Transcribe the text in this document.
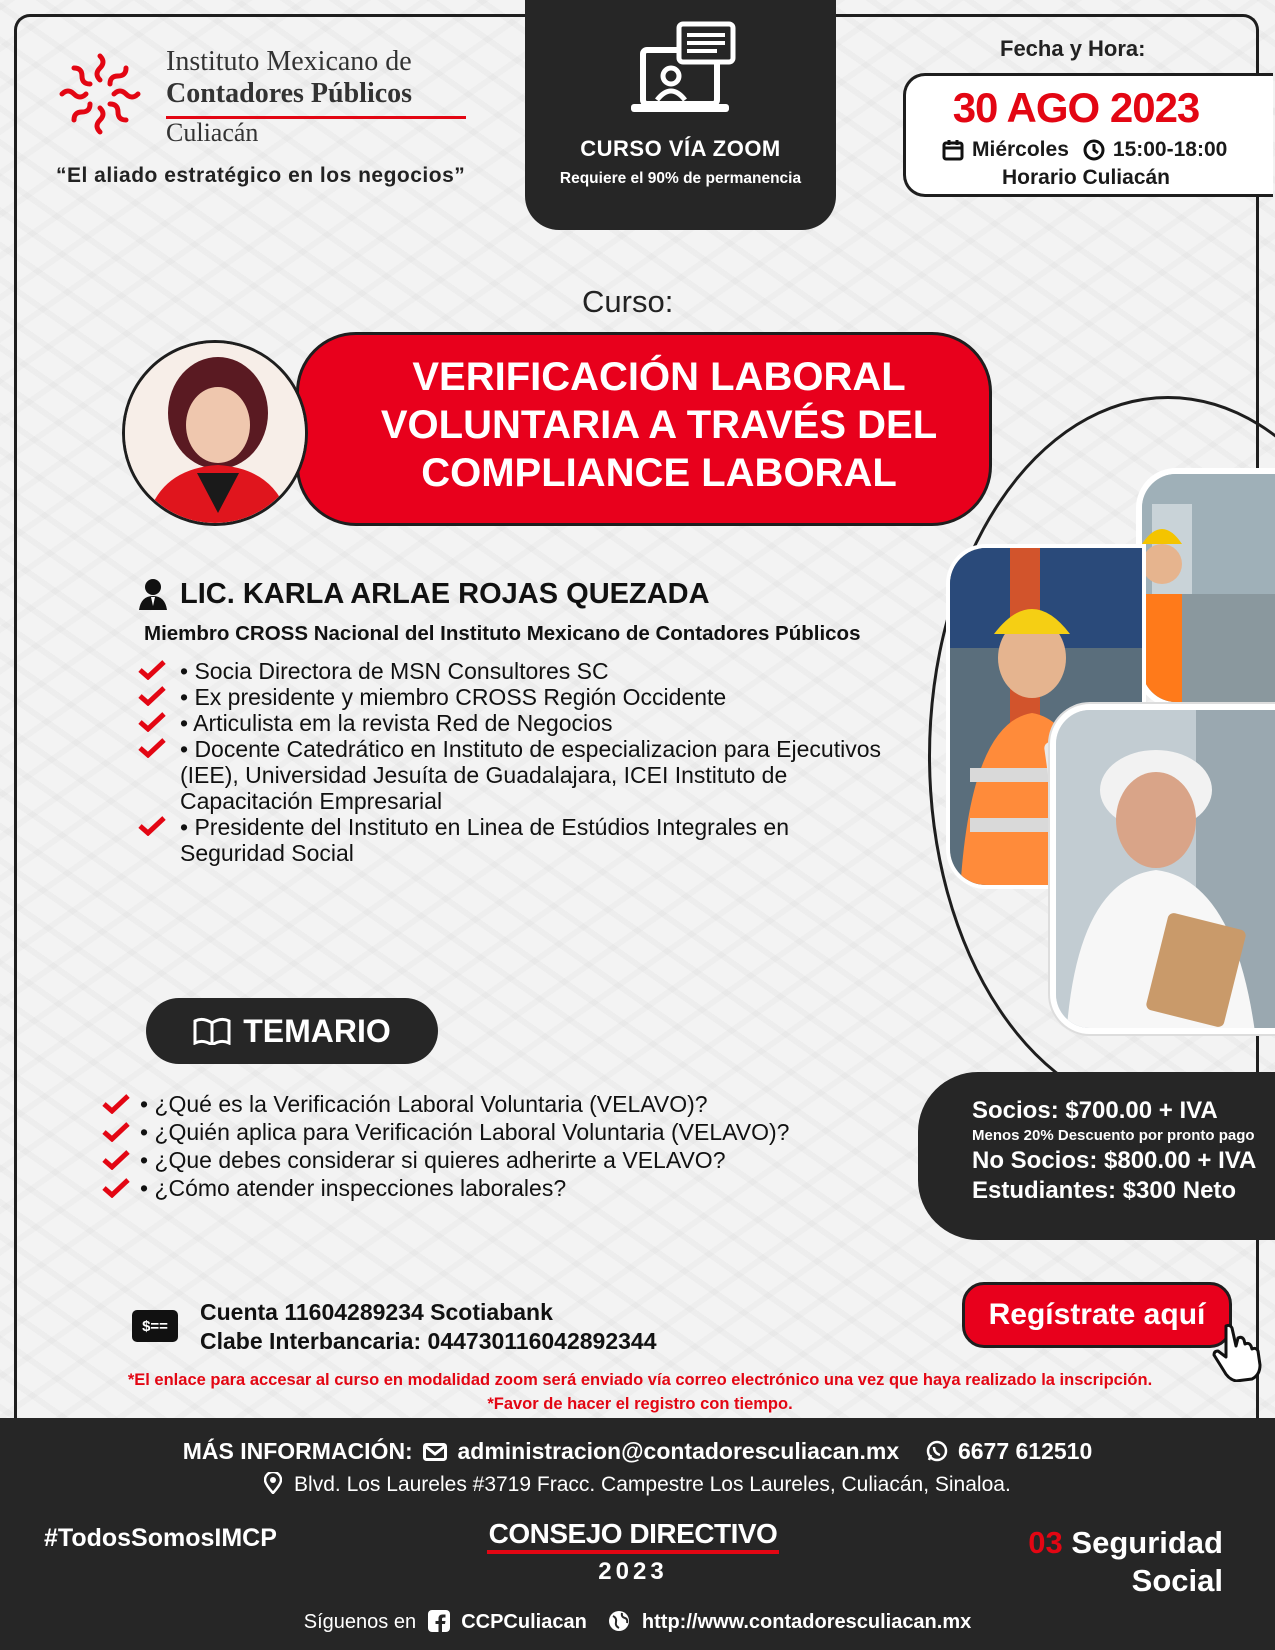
Instituto Mexicano de
Contadores Públicos
Culiacán
“El aliado estratégico en los negocios”
CURSO VÍA ZOOM
Requiere el 90% de permanencia
Fecha y Hora:
30 AGO 2023
Miércoles 15:00-18:00
Horario Culiacán
Curso:
VERIFICACIÓN LABORAL
VOLUNTARIA A TRAVÉS DEL
COMPLIANCE LABORAL
LIC. KARLA ARLAE ROJAS QUEZADA
Miembro CROSS Nacional del Instituto Mexicano de Contadores Públicos
• Socia Directora de MSN Consultores SC
• Ex presidente y miembro CROSS Región Occidente
• Articulista em la revista Red de Negocios
• Docente Catedrático en Instituto de especializacion para Ejecutivos (IEE), Universidad Jesuíta de Guadalajara, ICEI Instituto de Capacitación Empresarial
• Presidente del Instituto en Linea de Estúdios Integrales en Seguridad Social
TEMARIO
• ¿Qué es la Verificación Laboral Voluntaria (VELAVO)?
• ¿Quién aplica para Verificación Laboral Voluntaria (VELAVO)?
• ¿Que debes considerar si quieres adherirte a VELAVO?
• ¿Cómo atender inspecciones laborales?
Socios: $700.00 + IVA
Menos 20% Descuento por pronto pago
No Socios: $800.00 + IVA
Estudiantes: $300 Neto
Regístrate aquí
$==
Cuenta 11604289234 Scotiabank
Clabe Interbancaria: 044730116042892344
*El enlace para accesar al curso en modalidad zoom será enviado vía correo electrónico una vez que haya realizado la inscripción. *Favor de hacer el registro con tiempo.
MÁS INFORMACIÓN: administracion@contadoresculiacan.mx	6677 612510
Blvd. Los Laureles #3719 Fracc. Campestre Los Laureles, Culiacán, Sinaloa.
#TodosSomosIMCP	CONSEJO DIRECTIVO
2023
03 Seguridad
Social
Síguenos en CCPCuliacan	http://www.contadoresculiacan.mx
